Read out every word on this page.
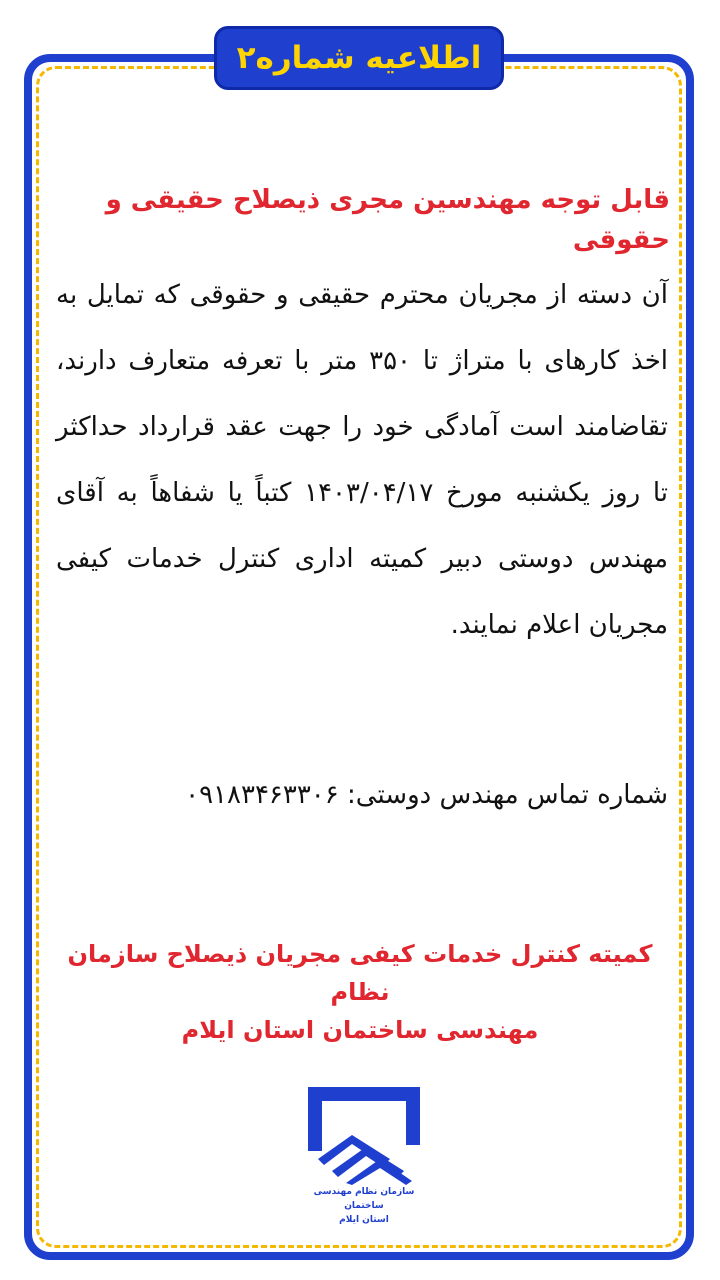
اطلاعیه شماره۲
قابل توجه مهندسین مجری ذیصلاح حقیقی و حقوقی
آن دسته از مجریان محترم حقیقی و حقوقی که تمایل به اخذ کارهای با متراژ تا ۳۵۰ متر با تعرفه متعارف دارند، تقاضامند است آمادگی خود را جهت عقد قرارداد حداکثر تا روز یکشنبه مورخ ۱۴۰۳/۰۴/۱۷ کتباً یا شفاهاً به آقای مهندس دوستی دبیر کمیته اداری کنترل خدمات کیفی مجریان اعلام نمایند.
شماره تماس مهندس دوستی: ۰۹۱۸۳۴۶۳۳۰۶
کمیته کنترل خدمات کیفی مجریان ذیصلاح سازمان نظام
مهندسی ساختمان استان ایلام
سازمان نظام مهندسی ساختمان
استان ایلام
